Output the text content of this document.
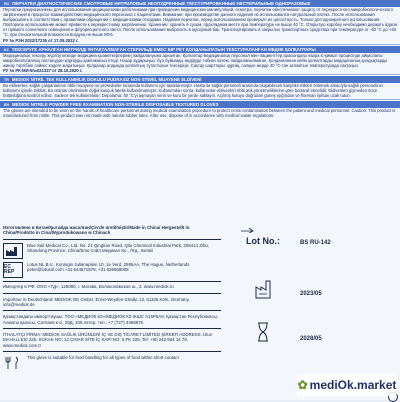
RU ПЕРЧАТКИ ДИАГНОСТИЧЕСКИЕ СМОТРОВЫЕ НИТРИЛОВЫЕ НЕОПУДРЕННЫЕ ТЕКСТУРИРОВАННЫЕ НЕСТЕРИЛЬНЫЕ ОДНОРАЗОВЫЕ

Перчатки предназначены для использования медицинскими работниками при проведении медицинских манипуляций, осмотра; перчатки обеспечивают защиту от перекрестного микробиологического загрязнения в процессе взаимодействия медицинского персонала с пациентами. Внимание: при производстве данного изделия не использовался натуральный латекс. После использования выбрасывать в соответствии с правилами обращения с медицинскими отходами. Надевая перчатки, перед использованием проверьте их целостность. Только для однократного использования. Повторное использование может привести к перекрестному загрязнению. Хранение: хранить в сухом, прохладном месте при температуре не выше 40 °С. Открытую коробку необходимо держать вдали от прямого солнечного освещения и флуоресцентного света. После использования выбросить в мусорный бак. Транспортировать в закрытых транспортных средствах при температуре от -50 °С до +40 °С, при относительной влажности воздуха не выше 80%.

РУ № РЗН 2022/17235 от 17.05.2022 г.

KZ ТЕКСЕРУГЕ АРНАЛҒАН НИТРИЛДІ ҰНТАҚТАЛМАҒАН СТЕРИЛЬДІ ЕМЕС БІР РЕТ ҚОЛДАНЫЛАТЫН ТЕКСТУРАЛАНҒАН МЕДИК ҚОЛҚАПТАРЫ

Медициналық тексеру жүргізу кезінде медицина қызметкерлерінің пайдалануына арналған. Қолғаптар медициналық персонал мен пациенттер арасындағы өзара іс-қимыл процесінде айқаспалы микробиологиялық ластанудан қорғауды қамтамасыз етеді. Назар аударыңыз: бұл бұйымды өндіруде табиғи латекс пайдаланылмаған. Қолданғаннан кейін қолғаптарды медициналық қалдықтарды жинау тәртібіне сәйкес кәдеге жаратыңыз. Қолданар алдында қолғаптың тұтастығын тексеріңіз. Сақтау шарттары: құрғақ, салқын жерде 40 °С-тан аспайтын температурада сақтаңыз.

РУ № РК-МИ-5№021337 от 28.10.2020 г.

TR MEDIOK NİTRİL TEK KULLANIMLIK DOKULU PUDRASIZ NON STERİL MUAYENE ELDİVENİ

Bu eldivenler, sağlık çalışanlarının tıbbi muayene ve prosedürler sırasında kullanımı için tasarlanmıştır. Hasta ile sağlık personeli arasında oluşabilecek karşılıklı riskleri önlemek amacıyla sağlık personelinin kullanımı içindir. Dikkat: Bu ürünün üretiminde doğal kauçuk lateks kullanılmamıştır. Kullanımdan sonra, kullanıcılar eldivenleri tıbbi atık yönetmeliklerine göre bertaraf etmelidir. Eldivenleri giymeden önce bütünlüğünü kontrol ediniz. Sadece tek kullanımlıktır. Depolama: 40 °C'yi aşmayan serin ve kuru bir yerde saklayın. Açılmış kutuyu doğrudan güneş ışığından ve floresan ışıktan uzak tutun.

EN MEDIOK NITRILE POWDER FREE EXAMINATION NON-STERILE DISPOSABLE TEXTURED GLOVES

The gloves are intended to be worn on the hands of healthcare personnel during medical examination procedure to protect cross contamination between the patient and medical personnel. Caution: This product is manufactured from nitrile. This product was not made with natural rubber latex. After use, dispose of in accordance with medical waste regulations.

Изготовлено в Китае/Қытайда жасалған/Çin'de üretilmiştir/Made in China/ Hergestellt in China/Prodotto in Cina/Wyprodukowano w Chinach
Blue Sail Medical Co., Ltd. No. 21 Qingtian Road, Qilu Chemical Industrial Park, 255414 Zibo, Shandong Province, China/Блю Сэйл Медикал Ко., Лтд., Китай
EC REP
Lotus NL B.V., Koningin Julianaplein 10, 1e Verd, 2595AA, The Hague, Netherlands peter@lotusnl.com +31 644571879, +31 626669008
Импортер в РФ: ООО «ТД», 125080, г. Москва, Волоколамское ш., 2. www.mediok.ru
Importeur in Deutschland: MEDIOK DE GmbH, Ernst-Weyden-Straße 13, 51105 Köln, Germany. info@mediok.de
Қазақстандағы импорттаушы: ТОО «МЕДИОК КЗ»/МЕДИОК КЗ ЖШС A15P5A8, Қазақстан Республикасы, Алматы қаласы, Сатпаев к-сі, 29Д, 105 пәтер, тел.: +7 (727) 3458875
İTHALATÇI FİRMA: MEDIOK SAĞLIK ÜRÜNLERİ İÇ VE DIŞ TİCARET LİMİTED ŞİRKETİ ADDRESS: Ulus MAHALLESİ 225. SOKAK NO: 12 ÇINAR SİTE İÇ KAPI NO: 5 FK 226, Tel: +90 242 504 14 78, www.mediok.com.tr
This glove is suitable for food handling for all types of food within short contact
Lot No.:	BS RU-142
2023/05
2028/05
✿ mediOk.market
